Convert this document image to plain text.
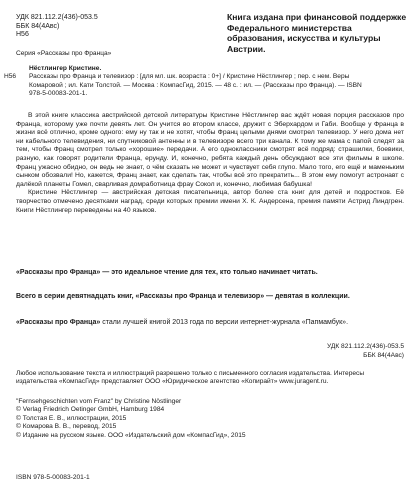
УДК 821.112.2(436)-053.5
ББК 84(4Авс)
Н56
Книга издана при финансовой поддержке Федерального министерства образования, искусства и культуры Австрии.
Серия «Рассказы про Франца»
Н56
Нёстлингер Кристине.
Рассказы про Франца и телевизор : [для мл. шк. возраста : 0+] / Кристине Нёстлингер ; пер. с нем. Веры
Комаровой ; ил. Кати Толстой. — Москва : КомпасГид, 2015. — 48 с. : ил. — (Рассказы про Франца). — ISBN
978-5-00083-201-1.

В этой книге классика австрийской детской литературы Кристине Нёстлингер вас ждёт новая порция рассказов про Франца, которому уже почти девять лет. Он учится во втором классе, дружит с Эберхардом и Габи. Вообще у Франца в жизни всё отлично, кроме одного: ему ну так и не хотят, чтобы Франц целыми днями смотрел телевизор. У него дома нет ни кабельного телевидения, ни спутниковой антенны и в телевизоре всего три канала. К тому же мама с папой следят за тем, чтобы Франц смотрел только «хорошие» передачи. А его одноклассники смотрят всё подряд: страшилки, боевики, разную, как говорят родители Франца, ерунду. И, конечно, ребята каждый день обсуждают все эти фильмы в школе. Франц ужасно обидно, он ведь не знает, о чём сказать не может и чувствует себя глупо. Мало того, его ещё и маменьким сынком обозвали! Но, кажется, Франц знает, как сделать так, чтобы всё это прекратить... В этом ему помогут астронавт с далёкой планеты Гомел, сварливая домработница фрау Сокол и, конечно, любимая бабушка!

Кристине Нёстлингер — австрийская детская писательница, автор более ста книг для детей и подростков. Её творчество отмечено десятками наград, среди которых премии имени Х. К. Андерсена, премия памяти Астрид Линдгрен. Книги Нёстлингер переведены на 40 языков.

«Рассказы про Франца» — это идеальное чтение для тех, кто только начинает читать.
Всего в серии девятнадцать книг, «Рассказы про Франца и телевизор» — девятая в коллекции.
«Рассказы про Франца» стали лучшей книгой 2013 года по версии интернет-журнала «Папмамбук».
УДК 821.112.2(436)-053.5
ББК 84(4Авс)
Любое использование текста и иллюстраций разрешено только с письменного согласия издательства. Интересы издательства «КомпасГид» представляет ООО «Юридическое агентство «Копирайт» www.juragent.ru.
"Fernsehgeschichten vom Franz" by Christine Nöstlinger
© Verlag Friedrich Oetinger GmbH, Hamburg 1984
© Толстая Е. В., иллюстрации, 2015
© Комарова В. В., перевод, 2015
© Издание на русском языке. ООО «Издательский дом «КомпасГид», 2015
ISBN 978-5-00083-201-1
